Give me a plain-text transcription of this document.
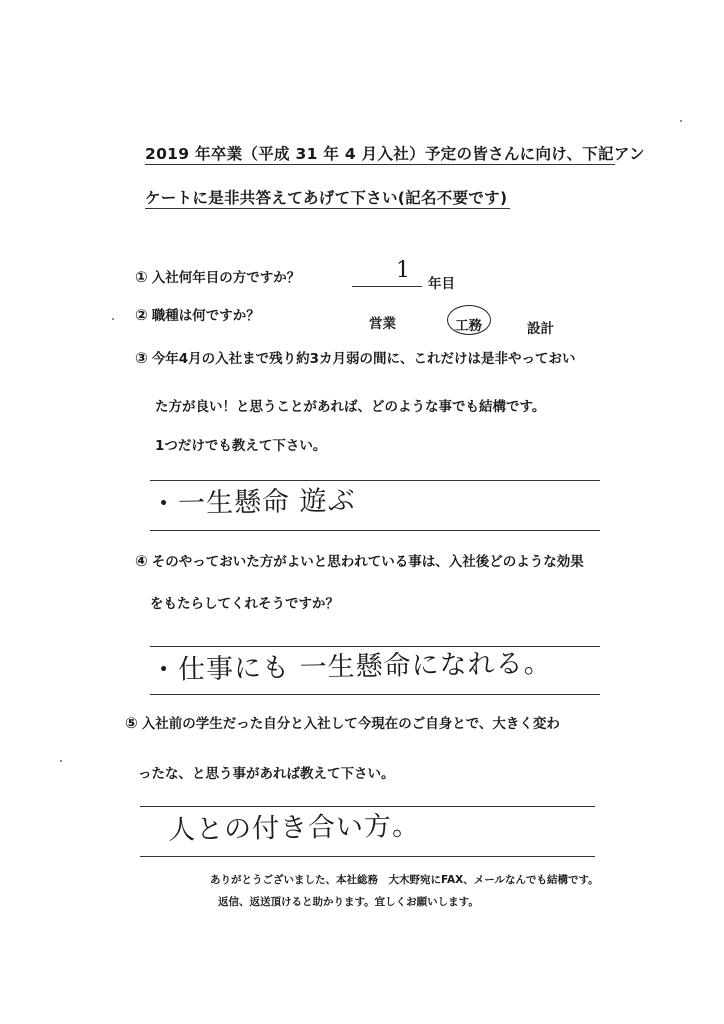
2019 年卒業（平成 31 年 4 月入社）予定の皆さんに向け、下記アン
ケートに是非共答えてあげて下さい(記名不要です)
① 入社何年目の方ですか？	1
年目
② 職種は何ですか？	営業	工務	設計
③ 今年4月の入社まで残り約3カ月弱の間に、これだけは是非やっておい
た方が良い！と思うことがあれば、どのような事でも結構です。
1つだけでも教えて下さい。
・一生懸命 遊ぶ
④ そのやっておいた方がよいと思われている事は、入社後どのような効果
をもたらしてくれそうですか？
・仕事にも 一生懸命になれる。
⑤ 入社前の学生だった自分と入社して今現在のご自身とで、大きく変わ
ったな、と思う事があれば教えて下さい。
人との付き合い方。
ありがとうございました、本社総務　大木野宛にFAX、メールなんでも結構です。
返信、返送頂けると助かります。宜しくお願いします。
